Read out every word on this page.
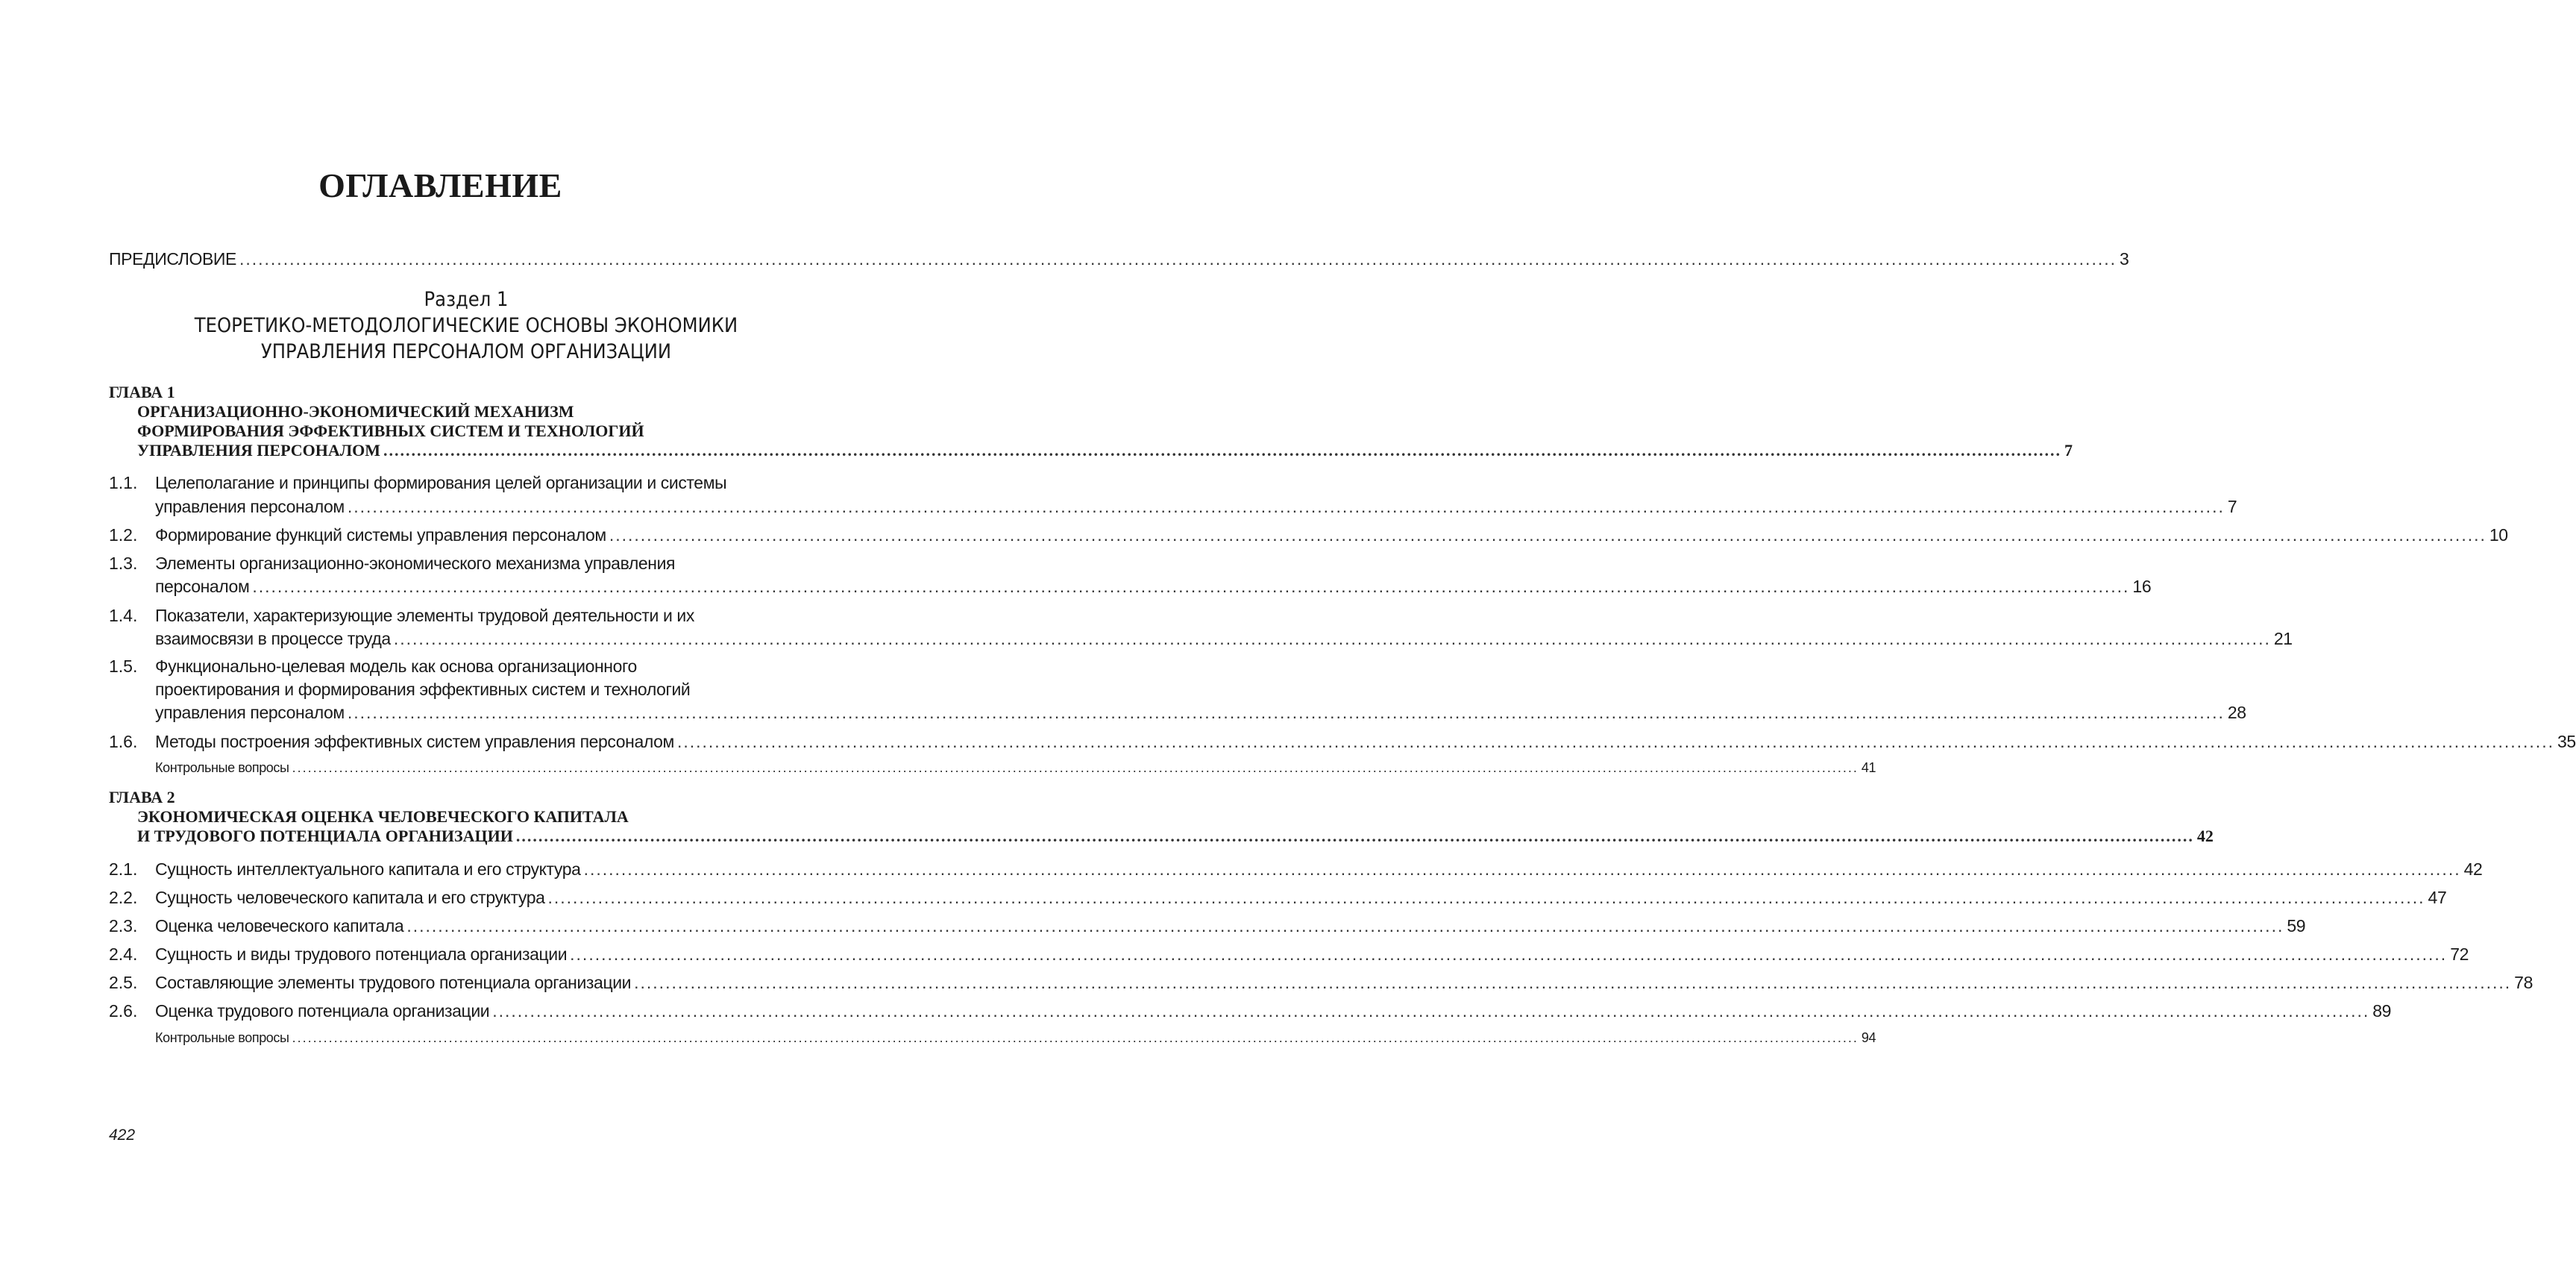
ОГЛАВЛЕНИЕ
ПРЕДИСЛОВИЕ ............................................................................................................................................................................................................................................................................................................ 3
Раздел 1
ТЕОРЕТИКО-МЕТОДОЛОГИЧЕСКИЕ ОСНОВЫ ЭКОНОМИКИ
УПРАВЛЕНИЯ ПЕРСОНАЛОМ ОРГАНИЗАЦИИ
ГЛАВА 1
ОРГАНИЗАЦИОННО-ЭКОНОМИЧЕСКИЙ МЕХАНИЗМ
ФОРМИРОВАНИЯ ЭФФЕКТИВНЫХ СИСТЕМ И ТЕХНОЛОГИЙ
УПРАВЛЕНИЯ ПЕРСОНАЛОМ ............................................................................................................................................................................................................................................................................................................ 7
1.1. Целеполагание и принципы формирования целей организации и системы
управления персоналом ............................................................................................................................................................................................................................................................................................................ 7
1.2. Формирование функций системы управления персоналом ............................................................................................................................................................................................................................................................................................................ 10
1.3. Элементы организационно-экономического механизма управления
персоналом ............................................................................................................................................................................................................................................................................................................ 16
1.4. Показатели, характеризующие элементы трудовой деятельности и их
взаимосвязи в процессе труда ............................................................................................................................................................................................................................................................................................................ 21
1.5. Функционально-целевая модель как основа организационного
проектирования и формирования эффективных систем и технологий
управления персоналом ............................................................................................................................................................................................................................................................................................................ 28
1.6. Методы построения эффективных систем управления персоналом ............................................................................................................................................................................................................................................................................................................ 35
Контрольные вопросы ............................................................................................................................................................................................................................................................................................................ 41
ГЛАВА 2
ЭКОНОМИЧЕСКАЯ ОЦЕНКА ЧЕЛОВЕЧЕСКОГО КАПИТАЛА
И ТРУДОВОГО ПОТЕНЦИАЛА ОРГАНИЗАЦИИ ............................................................................................................................................................................................................................................................................................................ 42
2.1. Сущность интеллектуального капитала и его структура ............................................................................................................................................................................................................................................................................................................ 42
2.2. Сущность человеческого капитала и его структура ............................................................................................................................................................................................................................................................................................................ 47
2.3. Оценка человеческого капитала ............................................................................................................................................................................................................................................................................................................ 59
2.4. Сущность и виды трудового потенциала организации ............................................................................................................................................................................................................................................................................................................ 72
2.5. Составляющие элементы трудового потенциала организации ............................................................................................................................................................................................................................................................................................................ 78
2.6. Оценка трудового потенциала организации ............................................................................................................................................................................................................................................................................................................ 89
Контрольные вопросы ............................................................................................................................................................................................................................................................................................................ 94
422
